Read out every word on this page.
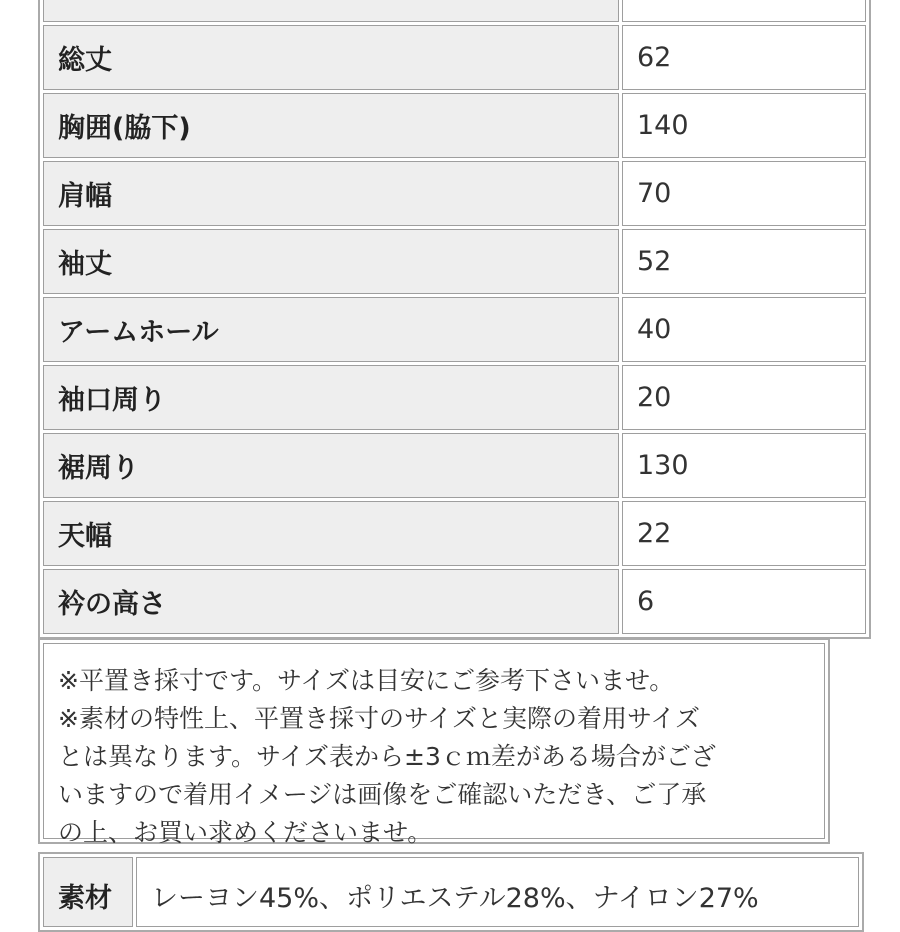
総丈	62
胸囲(脇下)	140
肩幅	70
袖丈	52
アームホール	40
袖口周り	20
裾周り	130
天幅	22
衿の高さ	6

※平置き採寸です。サイズは目安にご参考下さいませ。

※素材の特性上、平置き採寸のサイズと実際の着用サイズ

とは異なります。サイズ表から±3ｃｍ差がある場合がござ

いますので着用イメージは画像をご確認いただき、ご了承

の上、お買い求めくださいませ。

素材	レーヨン45%、ポリエステル28%、ナイロン27%
